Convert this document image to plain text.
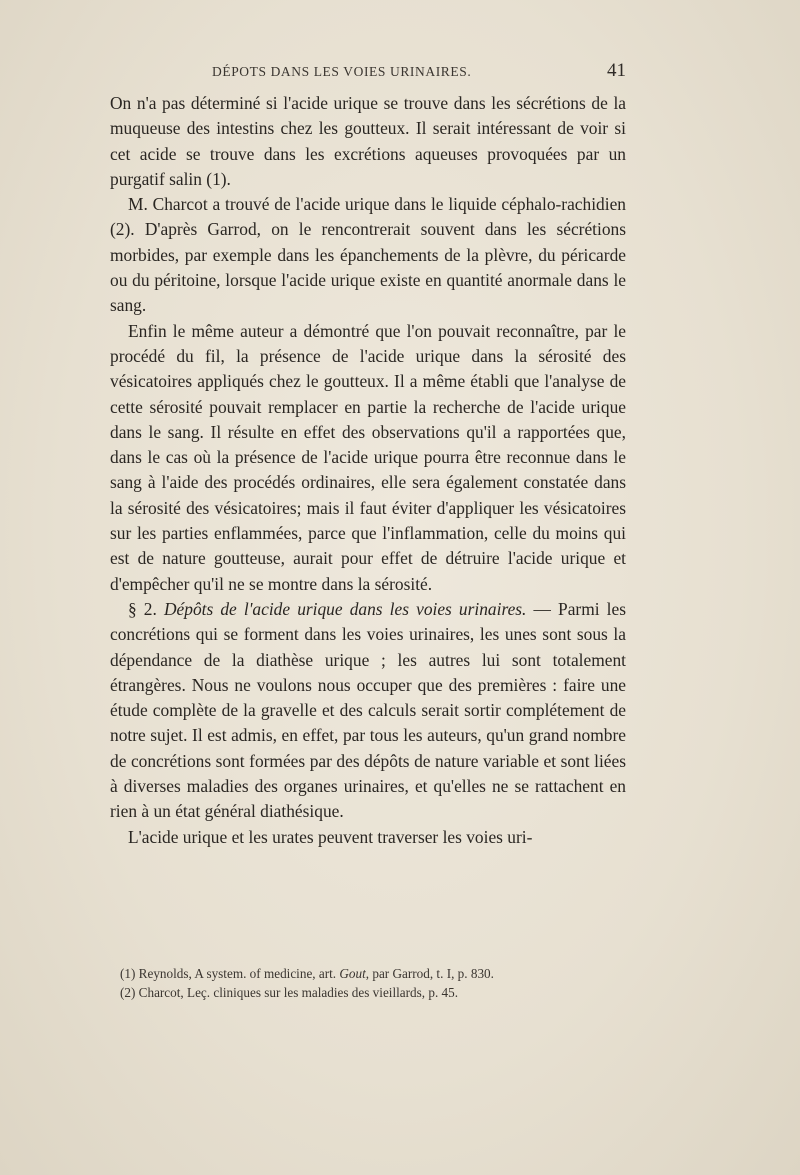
DÉPOTS DANS LES VOIES URINAIRES.	41

On n'a pas déterminé si l'acide urique se trouve dans les sécrétions de la muqueuse des intestins chez les goutteux. Il serait intéressant de voir si cet acide se trouve dans les excrétions aqueuses provoquées par un purgatif salin (1).

M. Charcot a trouvé de l'acide urique dans le liquide céphalo-rachidien (2). D'après Garrod, on le rencontrerait souvent dans les sécrétions morbides, par exemple dans les épanchements de la plèvre, du péricarde ou du péritoine, lorsque l'acide urique existe en quantité anormale dans le sang.

Enfin le même auteur a démontré que l'on pouvait reconnaître, par le procédé du fil, la présence de l'acide urique dans la sérosité des vésicatoires appliqués chez le goutteux. Il a même établi que l'analyse de cette sérosité pouvait remplacer en partie la recherche de l'acide urique dans le sang. Il résulte en effet des observations qu'il a rapportées que, dans le cas où la présence de l'acide urique pourra être reconnue dans le sang à l'aide des procédés ordinaires, elle sera également constatée dans la sérosité des vésicatoires; mais il faut éviter d'appliquer les vésicatoires sur les parties enflammées, parce que l'inflammation, celle du moins qui est de nature goutteuse, aurait pour effet de détruire l'acide urique et d'empêcher qu'il ne se montre dans la sérosité.

§ 2. Dépôts de l'acide urique dans les voies urinaires. — Parmi les concrétions qui se forment dans les voies urinaires, les unes sont sous la dépendance de la diathèse urique ; les autres lui sont totalement étrangères. Nous ne voulons nous occuper que des premières : faire une étude complète de la gravelle et des calculs serait sortir complétement de notre sujet. Il est admis, en effet, par tous les auteurs, qu'un grand nombre de concrétions sont formées par des dépôts de nature variable et sont liées à diverses maladies des organes urinaires, et qu'elles ne se rattachent en rien à un état général diathésique.

L'acide urique et les urates peuvent traverser les voies uri-

(1) Reynolds, A system. of medicine, art. Gout, par Garrod, t. I, p. 830.

(2) Charcot, Leç. cliniques sur les maladies des vieillards, p. 45.
